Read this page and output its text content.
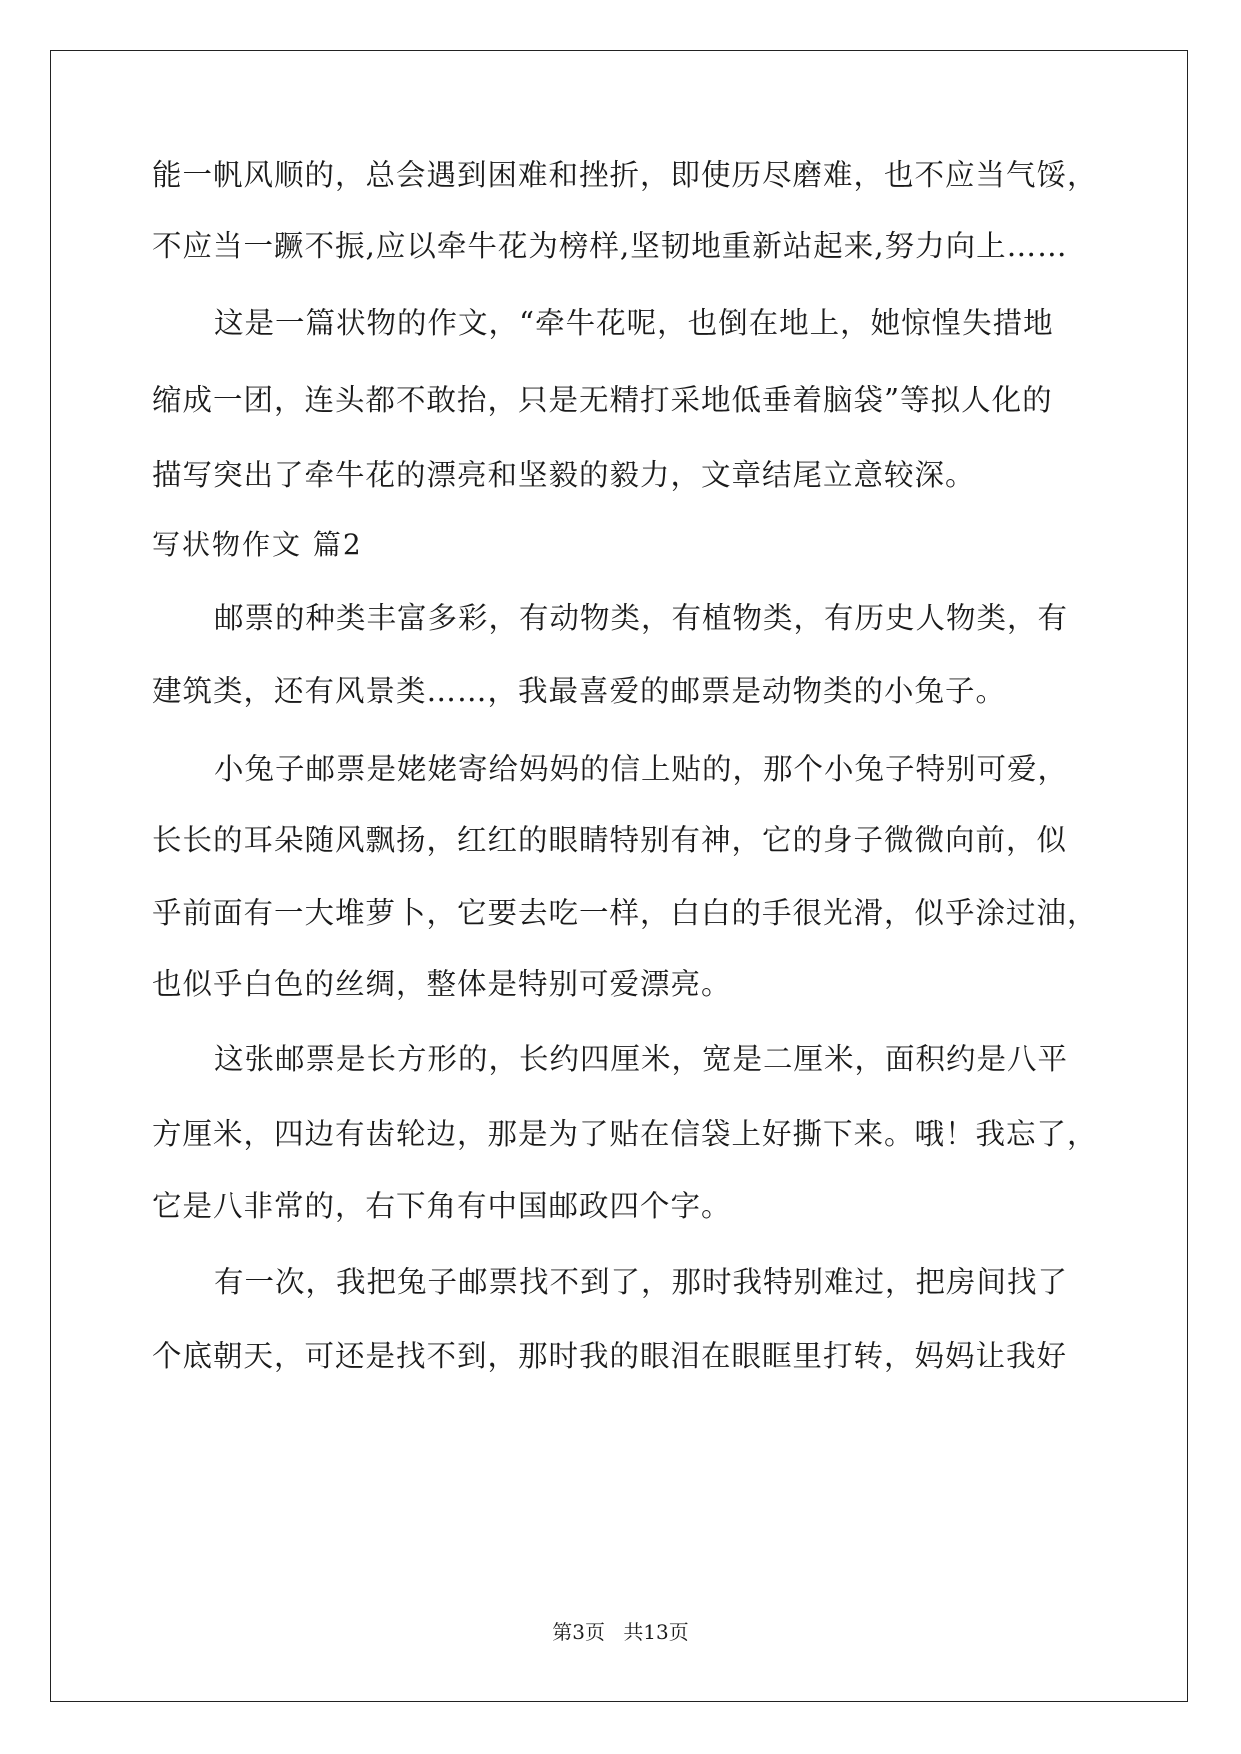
能一帆风顺的，总会遇到困难和挫折，即使历尽磨难，也不应当气馁，
不应当一蹶不振,应以牵牛花为榜样,坚韧地重新站起来,努力向上……
这是一篇状物的作文，“牵牛花呢，也倒在地上，她惊惶失措地
缩成一团，连头都不敢抬，只是无精打采地低垂着脑袋”等拟人化的
描写突出了牵牛花的漂亮和坚毅的毅力，文章结尾立意较深。
写状物作文 篇2
邮票的种类丰富多彩，有动物类，有植物类，有历史人物类，有
建筑类，还有风景类……，我最喜爱的邮票是动物类的小兔子。
小兔子邮票是姥姥寄给妈妈的信上贴的，那个小兔子特别可爱，
长长的耳朵随风飘扬，红红的眼睛特别有神，它的身子微微向前，似
乎前面有一大堆萝卜，它要去吃一样，白白的手很光滑，似乎涂过油，
也似乎白色的丝绸，整体是特别可爱漂亮。
这张邮票是长方形的，长约四厘米，宽是二厘米，面积约是八平
方厘米，四边有齿轮边，那是为了贴在信袋上好撕下来。哦！我忘了，
它是八非常的，右下角有中国邮政四个字。
有一次，我把兔子邮票找不到了，那时我特别难过，把房间找了
个底朝天，可还是找不到，那时我的眼泪在眼眶里打转，妈妈让我好
第3页 共13页
